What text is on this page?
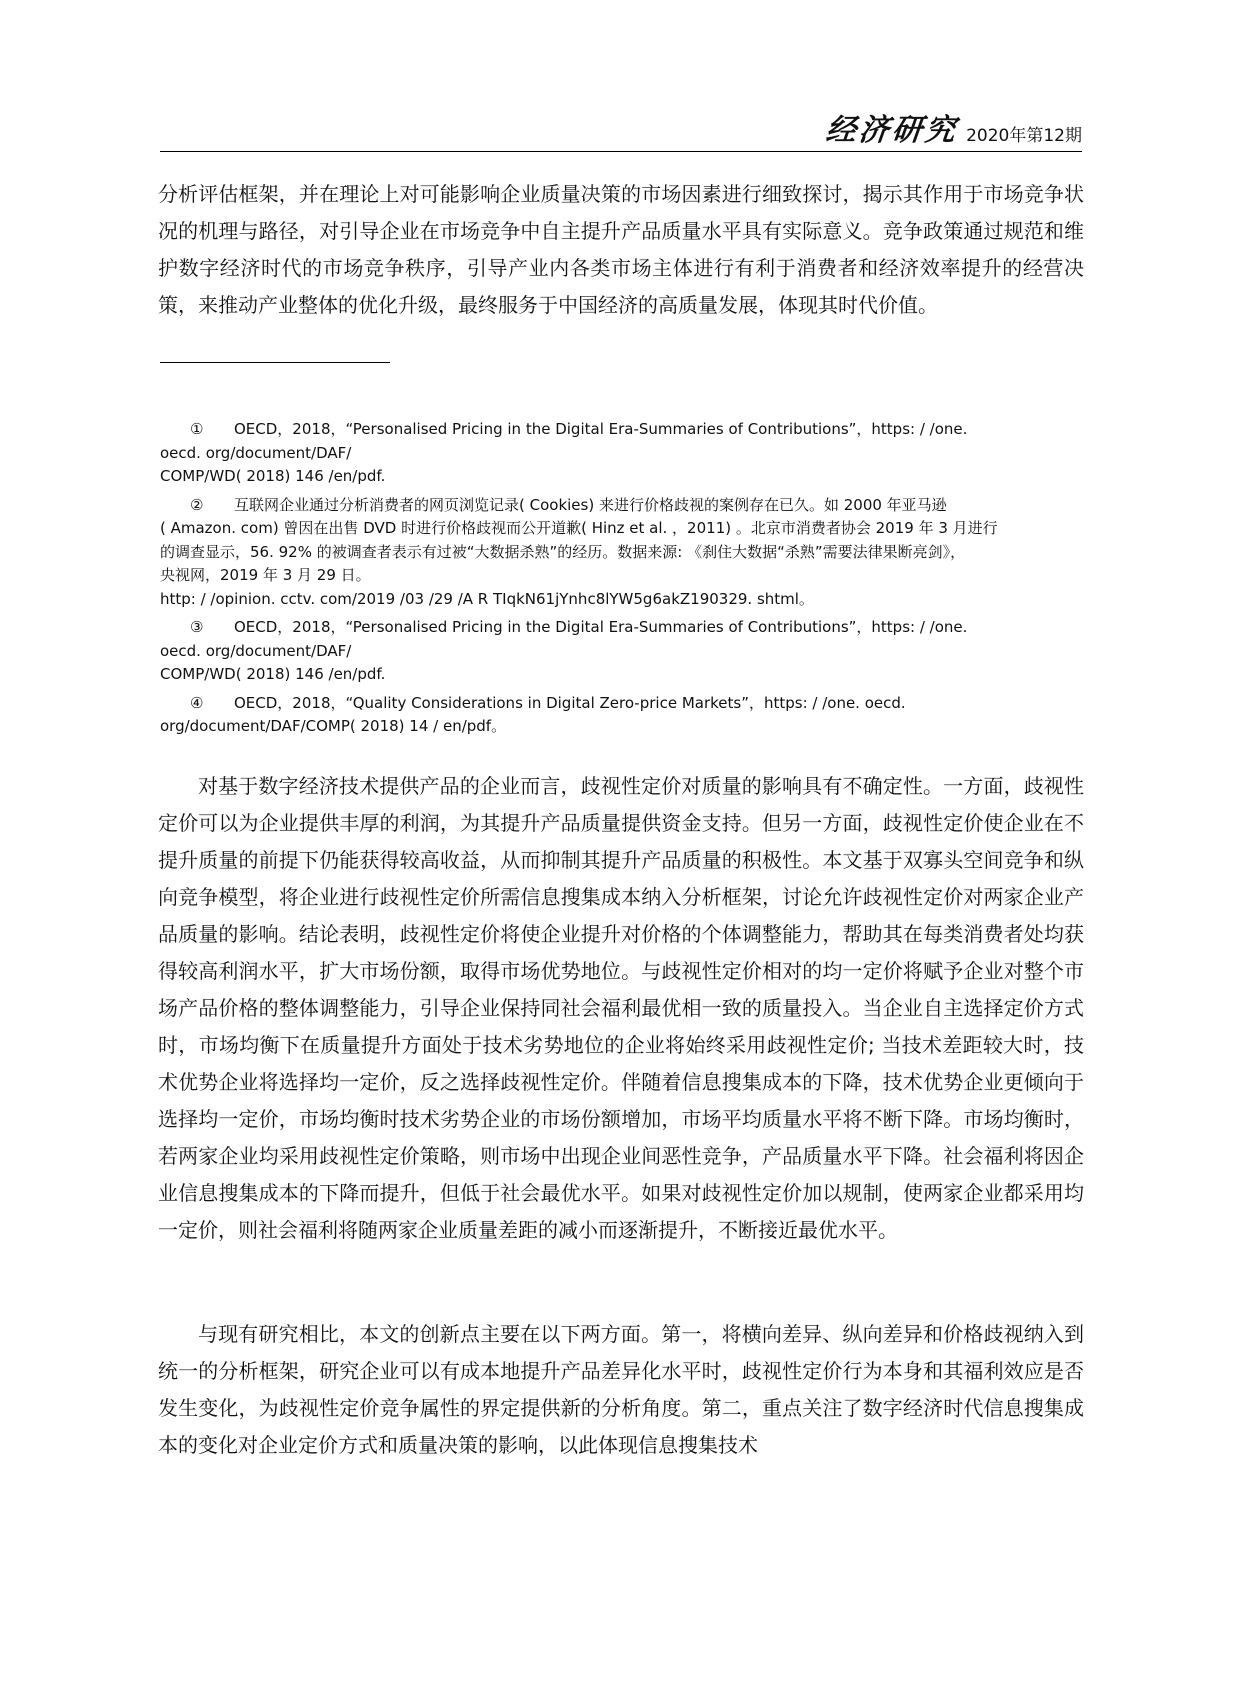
经济研究 2020年第12期

分析评估框架，并在理论上对可能影响企业质量决策的市场因素进行细致探讨，揭示其作用于市场竞争状况的机理与路径，对引导企业在市场竞争中自主提升产品质量水平具有实际意义。竞争政策通过规范和维护数字经济时代的市场竞争秩序，引导产业内各类市场主体进行有利于消费者和经济效率提升的经营决策，来推动产业整体的优化升级，最终服务于中国经济的高质量发展，体现其时代价值。

① OECD，2018，“Personalised Pricing in the Digital Era-Summaries of Contributions”，https: / /one.

oecd. org/document/DAF/

COMP/WD( 2018) 146 /en/pdf.

② 互联网企业通过分析消费者的网页浏览记录( Cookies) 来进行价格歧视的案例存在已久。如 2000 年亚马逊

( Amazon. com) 曾因在出售 DVD 时进行价格歧视而公开道歉( Hinz et al. ，2011) 。北京市消费者协会 2019 年 3 月进行

的调查显示，56. 92% 的被调查者表示有过被“大数据杀熟”的经历。数据来源: 《刹住大数据“杀熟”需要法律果断亮剑》，

央视网，2019 年 3 月 29 日。

http: / /opinion. cctv. com/2019 /03 /29 /A R TIqkN61jYnhc8lYW5g6akZ190329. shtml。

③ OECD，2018，“Personalised Pricing in the Digital Era-Summaries of Contributions”，https: / /one.

oecd. org/document/DAF/

COMP/WD( 2018) 146 /en/pdf.

④ OECD，2018，“Quality Considerations in Digital Zero-price Markets”，https: / /one. oecd.

org/document/DAF/COMP( 2018) 14 / en/pdf。

对基于数字经济技术提供产品的企业而言，歧视性定价对质量的影响具有不确定性。一方面，歧视性定价可以为企业提供丰厚的利润，为其提升产品质量提供资金支持。但另一方面，歧视性定价使企业在不提升质量的前提下仍能获得较高收益，从而抑制其提升产品质量的积极性。本文基于双寡头空间竞争和纵向竞争模型，将企业进行歧视性定价所需信息搜集成本纳入分析框架，讨论允许歧视性定价对两家企业产品质量的影响。结论表明，歧视性定价将使企业提升对价格的个体调整能力，帮助其在每类消费者处均获得较高利润水平，扩大市场份额，取得市场优势地位。与歧视性定价相对的均一定价将赋予企业对整个市场产品价格的整体调整能力，引导企业保持同社会福利最优相一致的质量投入。当企业自主选择定价方式时，市场均衡下在质量提升方面处于技术劣势地位的企业将始终采用歧视性定价; 当技术差距较大时，技术优势企业将选择均一定价，反之选择歧视性定价。伴随着信息搜集成本的下降，技术优势企业更倾向于选择均一定价，市场均衡时技术劣势企业的市场份额增加，市场平均质量水平将不断下降。市场均衡时，若两家企业均采用歧视性定价策略，则市场中出现企业间恶性竞争，产品质量水平下降。社会福利将因企业信息搜集成本的下降而提升，但低于社会最优水平。如果对歧视性定价加以规制，使两家企业都采用均一定价，则社会福利将随两家企业质量差距的减小而逐渐提升，不断接近最优水平。

与现有研究相比，本文的创新点主要在以下两方面。第一，将横向差异、纵向差异和价格歧视纳入到统一的分析框架，研究企业可以有成本地提升产品差异化水平时，歧视性定价行为本身和其福利效应是否发生变化，为歧视性定价竞争属性的界定提供新的分析角度。第二，重点关注了数字经济时代信息搜集成本的变化对企业定价方式和质量决策的影响，以此体现信息搜集技术
